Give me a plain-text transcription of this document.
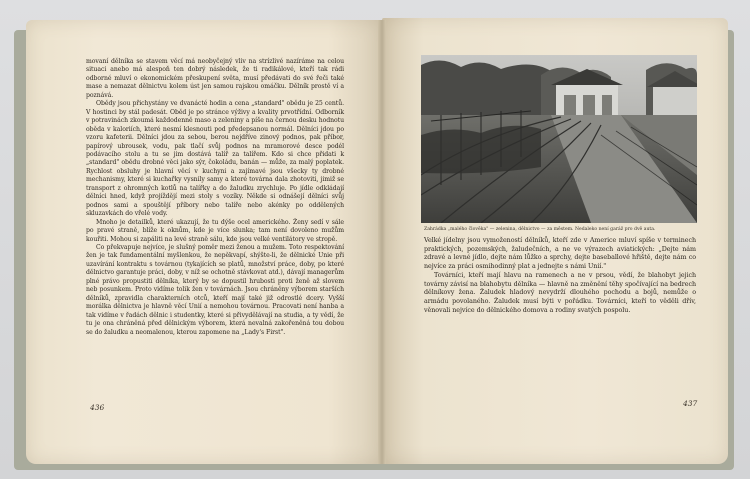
movaní dělníka se stavem věcí má neobyčejný vliv na strízlivé nazíráme na celou situaci anebo má alespoň ten dobrý následek, že ti radikálové, kteří tak rádi odborné mluví o ekonomickém přeskupení světa, musí předávati do své řeči také mase a nemazat dělnictvu kolem úst jen samou rajskou omáčku. Dělník prostě ví a poznává.

Obědy jsou přichystány ve dvanácté hodin a cena „standard" obědu je 25 centů. V hostinci by stál padesát. Oběd je po stránce výživy a kvality prvotřídní. Odborník v potravinách zkoumá každodenně maso a zeleniny a píše na černou desku hodnotu oběda v kaloriích, které nesmí klesnouti pod předepsanou normál. Dělníci jdou po vzoru kafeterii. Dělníci jdou za sebou, berou nejdříve zinový podnos, pak příbor, papírový ubrousek, vodu, pak tlačí svůj podnos na mramorové desce podél podávacího stolu a tu se jim dostává talíř za talířem. Kdo si chce přidati k „standard" obědu drobné věci jako sýr, čokoládu, banán — může, za malý poplatek. Rychlost obsluhy je hlavní věcí v kuchyni a zajímavé jsou všecky ty drobné mechanismy, které si kuchařky vysnily samy a které továrna dala zhotoviti, jimiž se transport z ohromných kotlů na talířky a do žaludku zrychluje. Po jídle odkládají dělníci hned, když projíždějí mezi stoly s vozíky. Někde si odnášejí dělníci svůj podnos sami a spouštějí příbory nebo talíře nebo akénky po oddělených skluzavkách do vřelé vody.

Mnoho je detailků, které ukazují, že tu dýše ocel americkéhо. Ženy sedí v sále po pravé straně, blíže k oknům, kde je více slunka; tam není dovoleno mužům kouřiti. Mohou si zapáliti na levé straně sálu, kde jsou velké ventilátory ve stropě.

Co překvapuje nejvíce, je slušný poměr mezi ženou a mužem. Toto respektování žen je tak fundamentální myšlenkou, že nepěkvapí, shýšte-li, že dělnické Unie při uzavírání kontraktu s továrnou (tykajících se platů, množství práce, doby, po které dělnictvo garantuje práci, doby, v níž se ochotně stávkovat atd.), dávají managerům plné právo propustiti dělníka, který by se dopustil hrubosti proti ženě až slovem neb posunkem. Proto vidíme tolik žen v továrnách. Jsou chráněny výborem starších dělníků, zpravidla charakterních otců, kteří mají také již odrostlé dcery. Vyšší morálka dělnictva je hlavně věcí Unií a nemohou továrnou. Pracovati není hanba a tak vidíme v řadách dělnic i studentky, které si přivydělávají na studia, a ty vědí, že tu je ona chráněná před dělnickým výborem, která nevalná zakořeněná tou dobou se do žaludku a neomalenou, kterou zapomene na „Lady's First".

436
Zahrádka „malého člověka" — zelenina, dělnictvo — za městem. Nedaleko není garáž pro dvě auta.

Velké jídelny jsou vymožeností dělníků, kteří zde v Americe mluví spíše v terminech praktických, pozemských, žaludečních, a ne ve výrazech aviatických: „Dejte nám zdravé a levné jídlo, dejte nám lůžko a sprchy, dejte baseballové hřiště, dejte nám co nejvíce za práci osmihodinný plat a jednejte s námi Unií."

Továrníci, kteří mají hlavu na ramenech a ne v prsou, vědí, že blahobyt jejich továrny závisí na blahobytu dělníka — hlavně na změnění těhy spočívající na bedrech dělníkovy žena. Žaludek hladový nevydrží dlouhého pochodu a bojů, nemůže o armádu povolaného. Žaludek musí býti v pořádku. Továrníci, kteří to věděli dřív, věnovali nejvíce do dělnického domova a rodiny svatých pospolu.

437
